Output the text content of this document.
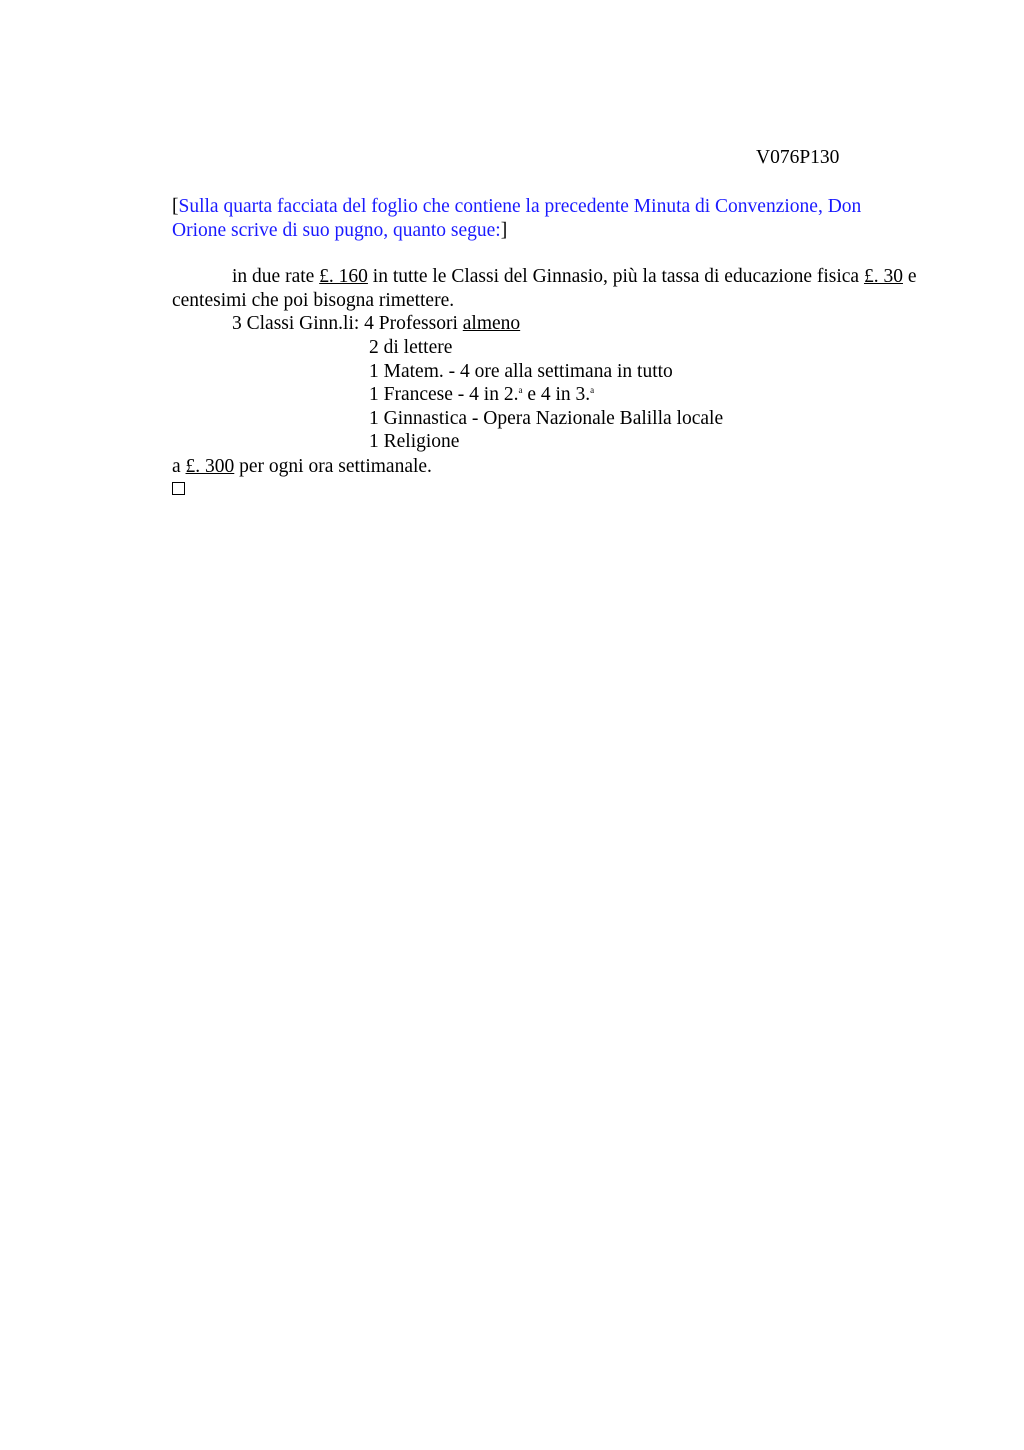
V076P130
[Sulla quarta facciata del foglio che contiene la precedente Minuta di Convenzione, Don Orione scrive di suo pugno, quanto segue:]
in due rate £. 160 in tutte le Classi del Ginnasio, più la tassa di educazione fisica £. 30 e centesimi che poi bisogna rimettere.
3 Classi Ginn.li: 4 Professori almeno
2 di lettere
1 Matem. - 4 ore alla settimana in tutto
1 Francese - 4 in 2.$^a$ e 4 in 3.$^a$
1 Ginnastica - Opera Nazionale Balilla locale
1 Religione
a £. 300 per ogni ora settimanale.
